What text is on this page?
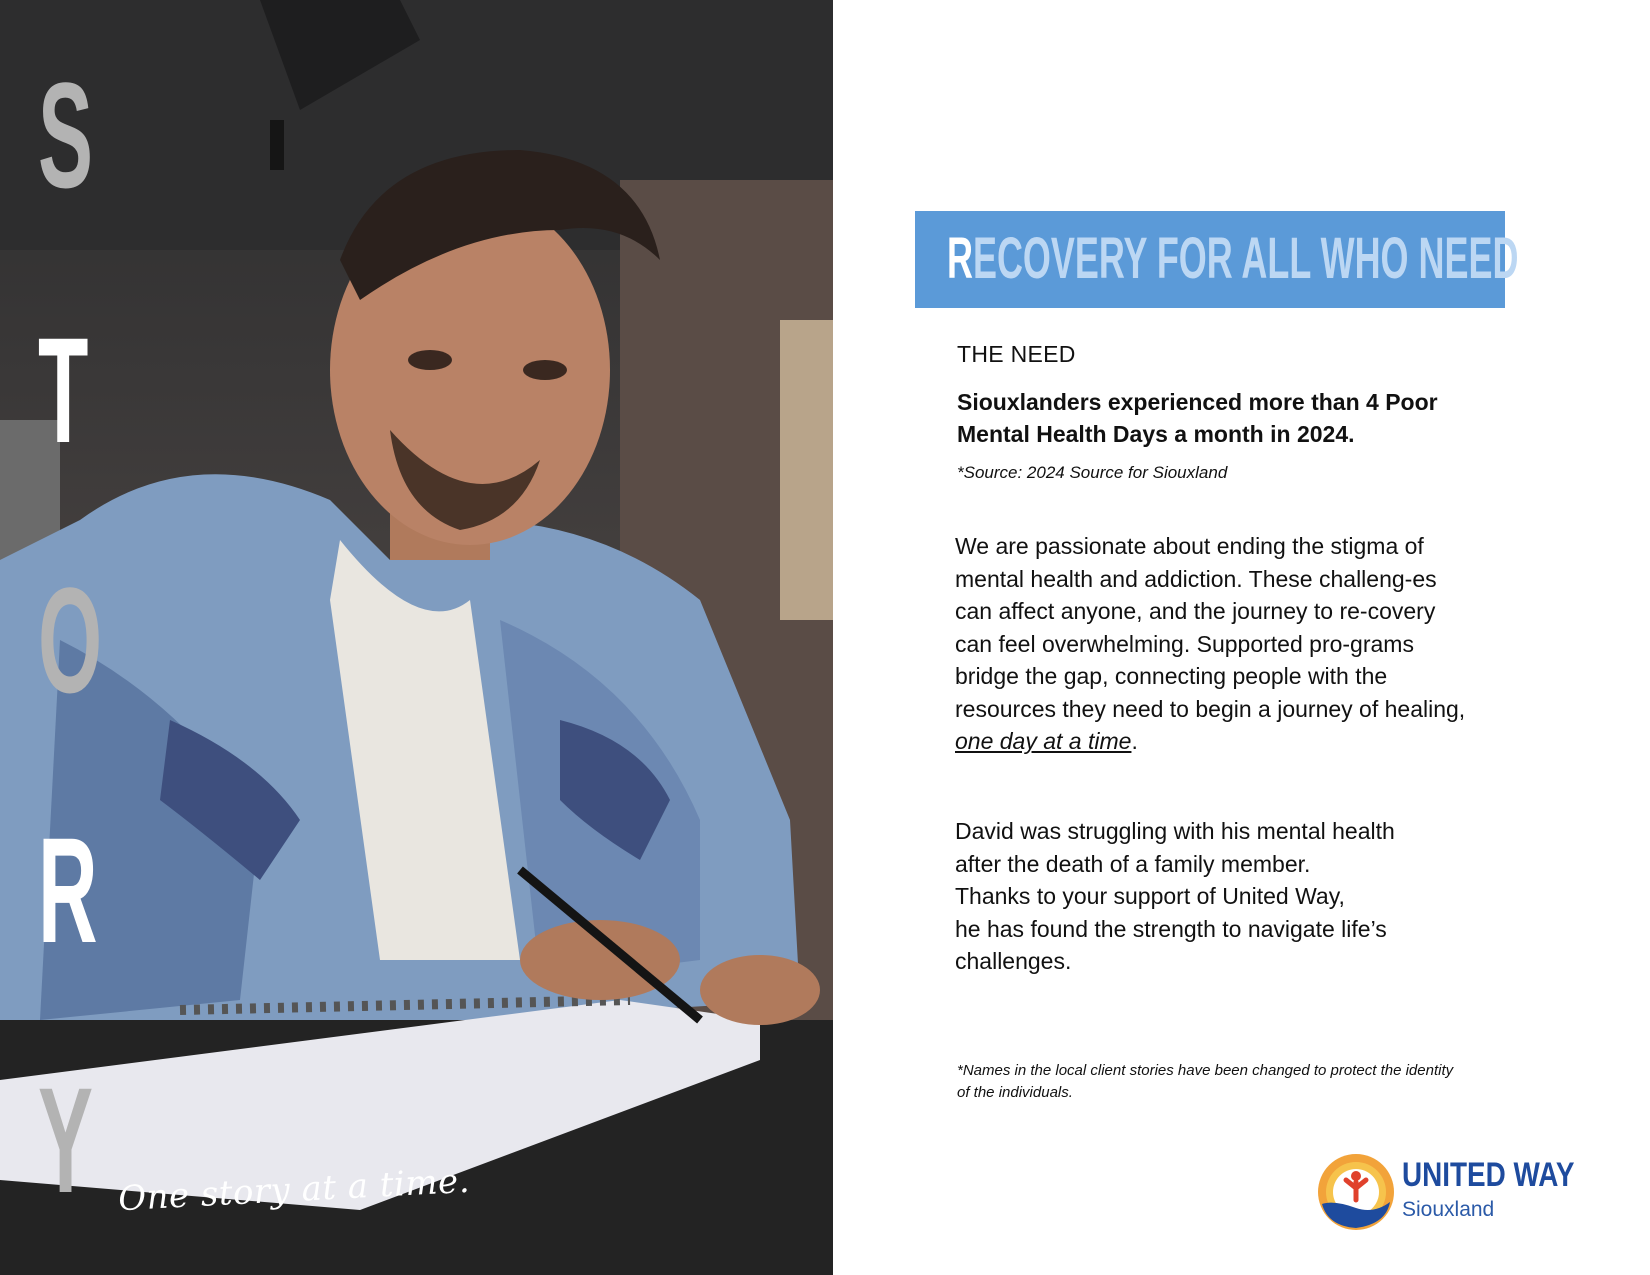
S
T
O
R
Y One story at a time.
RECOVERY FOR ALL WHO NEED
THE NEED
Siouxlanders experienced more than 4 Poor Mental Health Days a month in 2024.
*Source: 2024 Source for Siouxland
We are passionate about ending the stigma of mental health and addiction. These challeng-es can affect anyone, and the journey to re-covery can feel overwhelming. Supported pro-grams bridge the gap, connecting people with the resources they need to begin a journey of healing, one day at a time.
David was struggling with his mental health
after the death of a family member.
Thanks to your support of United Way,
he has found the strength to navigate life’s
challenges.
*Names in the local client stories have been changed to protect the identity of the individuals.
UNITED WAY
Siouxland
